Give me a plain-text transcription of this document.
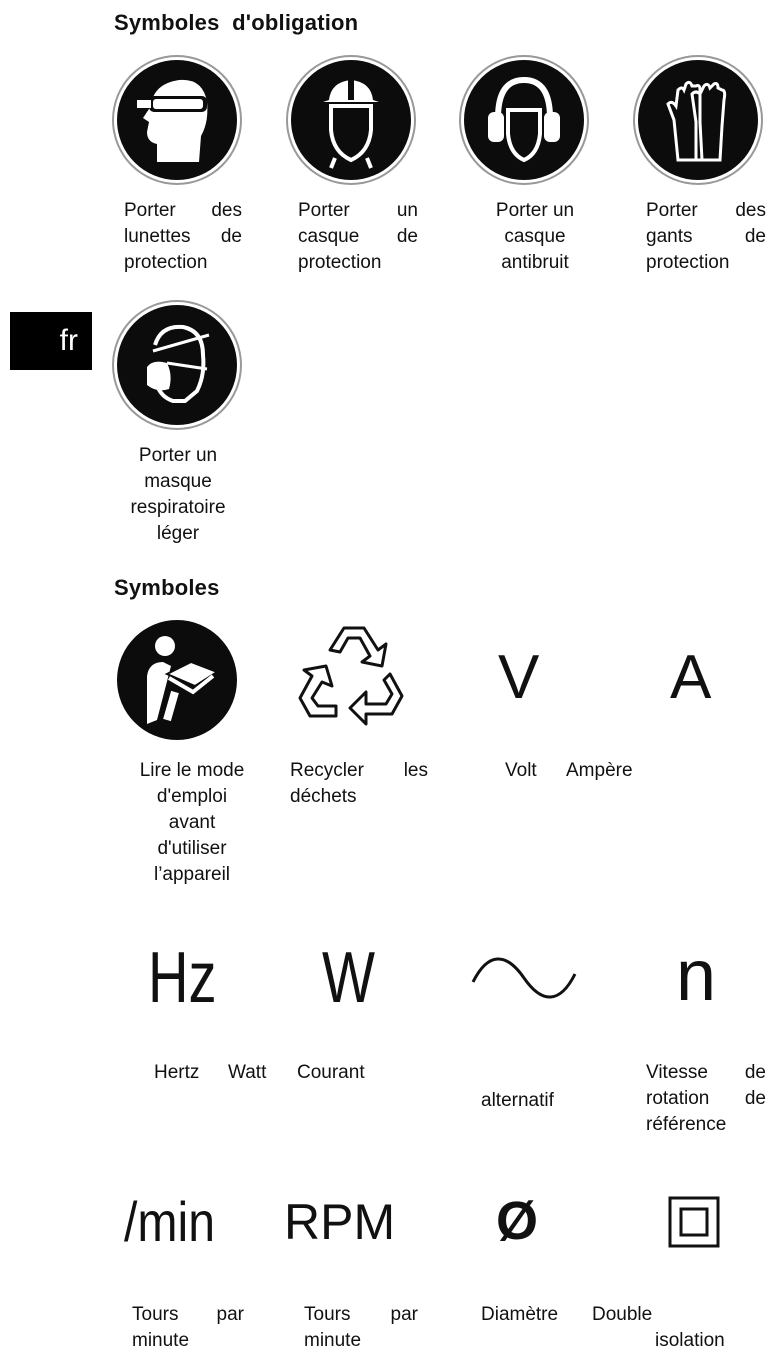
fr
Symboles  d'obligation
Porter des
lunettes de
protection
Porter un
casque de
protection
Porter un
casque
antibruit
Porter des
gants de
protection
Porter un
masque
respiratoire
léger
Symboles
Lire le mode
d'emploi
avant
d'utiliser
l’appareil
Recycler les
déchets
V A
Volt Ampère
Hz W	n
Hertz Watt Courant
alternatif
Vitesse de
rotation de
référence
/min RPM Ø
Tours par
minute
Tours par
minute
Diamètre Double
isolation
